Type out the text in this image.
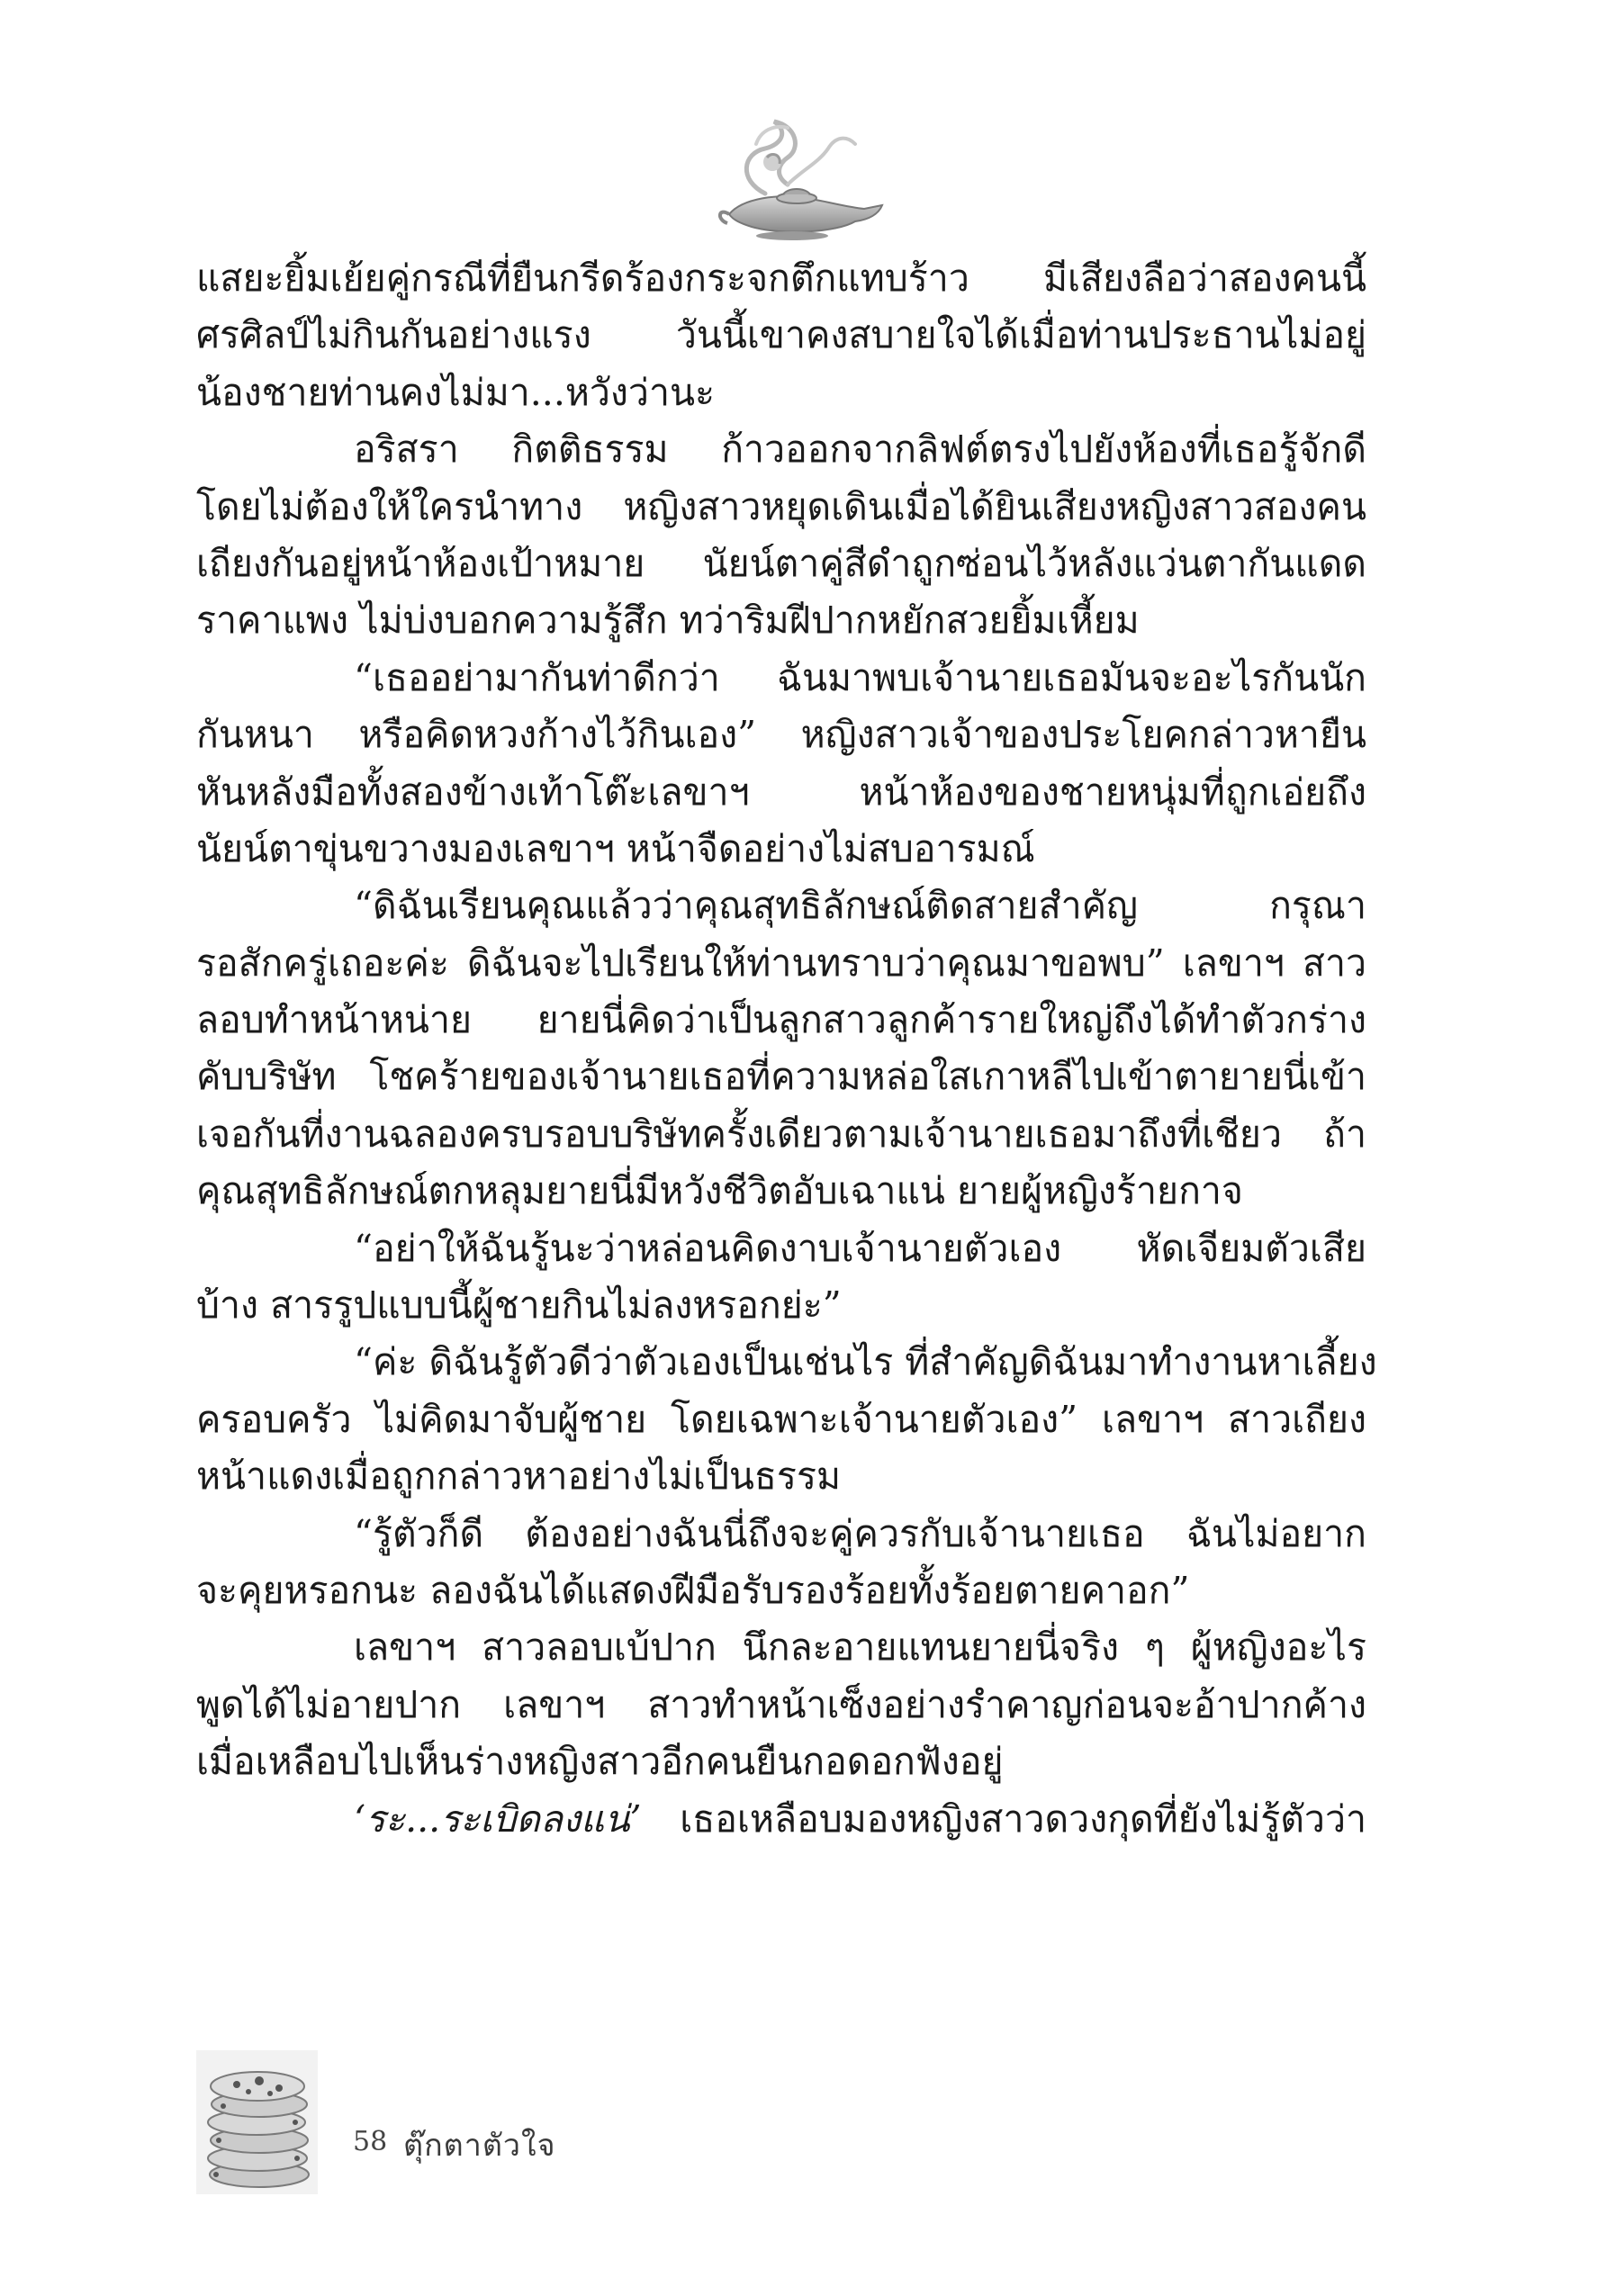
แสยะยิ้มเย้ยคู่กรณีที่ยืนกรีดร้องกระจกตึกแทบร้าว มีเสียงลือว่าสองคนนี้
ศรศิลป์ไม่กินกันอย่างแรง วันนี้เขาคงสบายใจได้เมื่อท่านประธานไม่อยู่
น้องชายท่านคงไม่มา...หวังว่านะ
อริสรา กิตติธรรม ก้าวออกจากลิฟต์ตรงไปยังห้องที่เธอรู้จักดี
โดยไม่ต้องให้ใครนำทาง หญิงสาวหยุดเดินเมื่อได้ยินเสียงหญิงสาวสองคน
เถียงกันอยู่หน้าห้องเป้าหมาย นัยน์ตาคู่สีดำถูกซ่อนไว้หลังแว่นตากันแดด
ราคาแพง ไม่บ่งบอกความรู้สึก ทว่าริมฝีปากหยักสวยยิ้มเหี้ยม
“เธออย่ามากันท่าดีกว่า ฉันมาพบเจ้านายเธอมันจะอะไรกันนัก
กันหนา หรือคิดหวงก้างไว้กินเอง” หญิงสาวเจ้าของประโยคกล่าวหายืน
หันหลังมือทั้งสองข้างเท้าโต๊ะเลขาฯ หน้าห้องของชายหนุ่มที่ถูกเอ่ยถึง
นัยน์ตาขุ่นขวางมองเลขาฯ หน้าจืดอย่างไม่สบอารมณ์
“ดิฉันเรียนคุณแล้วว่าคุณสุทธิลักษณ์ติดสายสำคัญ กรุณา
รอสักครู่เถอะค่ะ ดิฉันจะไปเรียนให้ท่านทราบว่าคุณมาขอพบ” เลขาฯ สาว
ลอบทำหน้าหน่าย ยายนี่คิดว่าเป็นลูกสาวลูกค้ารายใหญ่ถึงได้ทำตัวกร่าง
คับบริษัท โชคร้ายของเจ้านายเธอที่ความหล่อใสเกาหลีไปเข้าตายายนี่เข้า
เจอกันที่งานฉลองครบรอบบริษัทครั้งเดียวตามเจ้านายเธอมาถึงที่เชียว ถ้า
คุณสุทธิลักษณ์ตกหลุมยายนี่มีหวังชีวิตอับเฉาแน่ ยายผู้หญิงร้ายกาจ
“อย่าให้ฉันรู้นะว่าหล่อนคิดงาบเจ้านายตัวเอง หัดเจียมตัวเสีย
บ้าง สารรูปแบบนี้ผู้ชายกินไม่ลงหรอกย่ะ”
“ค่ะ ดิฉันรู้ตัวดีว่าตัวเองเป็นเช่นไร ที่สำคัญดิฉันมาทำงานหาเลี้ยง
ครอบครัว ไม่คิดมาจับผู้ชาย โดยเฉพาะเจ้านายตัวเอง” เลขาฯ สาวเถียง
หน้าแดงเมื่อถูกกล่าวหาอย่างไม่เป็นธรรม
“รู้ตัวก็ดี ต้องอย่างฉันนี่ถึงจะคู่ควรกับเจ้านายเธอ ฉันไม่อยาก
จะคุยหรอกนะ ลองฉันได้แสดงฝีมือรับรองร้อยทั้งร้อยตายคาอก”
เลขาฯ สาวลอบเบ้ปาก นึกละอายแทนยายนี่จริง ๆ ผู้หญิงอะไร
พูดได้ไม่อายปาก เลขาฯ สาวทำหน้าเซ็งอย่างรำคาญก่อนจะอ้าปากค้าง
เมื่อเหลือบไปเห็นร่างหญิงสาวอีกคนยืนกอดอกฟังอยู่
‘ระ...ระเบิดลงแน่’ เธอเหลือบมองหญิงสาวดวงกุดที่ยังไม่รู้ตัวว่า
58 ตุ๊กตาตัวใจ
